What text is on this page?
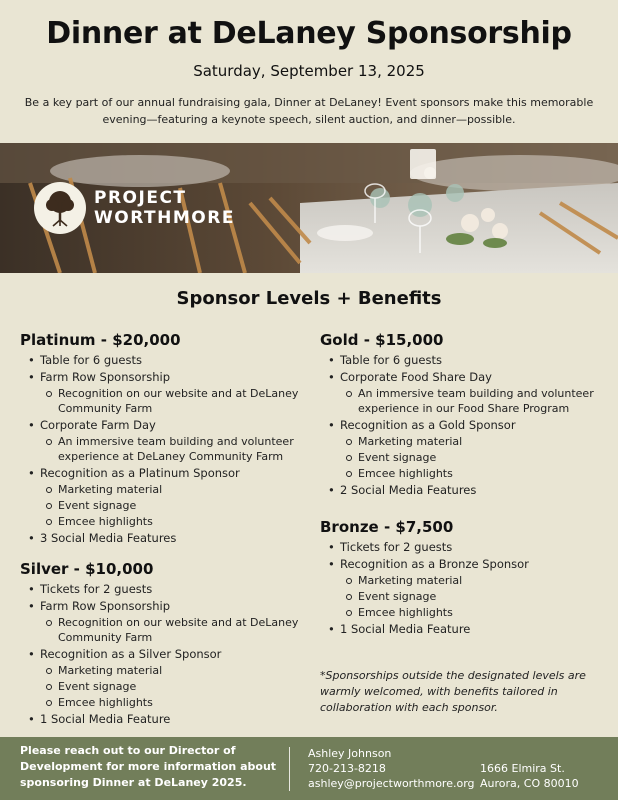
Dinner at DeLaney Sponsorship
Saturday, September 13, 2025
Be a key part of our annual fundraising gala, Dinner at DeLaney! Event sponsors make this memorable evening—featuring a keynote speech, silent auction, and dinner—possible.
PROJECT
WORTHMORE
Sponsor Levels + Benefits
Platinum - $20,000
• Table for 6 guests
• Farm Row Sponsorship
Recognition on our website and at DeLaney Community Farm
• Corporate Farm Day
An immersive team building and volunteer experience at DeLaney Community Farm
• Recognition as a Platinum Sponsor
Marketing material
Event signage
Emcee highlights
• 3 Social Media Features
Silver - $10,000
• Tickets for 2 guests
• Farm Row Sponsorship
Recognition on our website and at DeLaney Community Farm
• Recognition as a Silver Sponsor
Marketing material
Event signage
Emcee highlights
• 1 Social Media Feature
Gold - $15,000
• Table for 6 guests
• Corporate Food Share Day
An immersive team building and volunteer experience in our Food Share Program
• Recognition as a Gold Sponsor
Marketing material
Event signage
Emcee highlights
• 2 Social Media Features
Bronze - $7,500
• Tickets for 2 guests
• Recognition as a Bronze Sponsor
Marketing material
Event signage
Emcee highlights
• 1 Social Media Feature
*Sponsorships outside the designated levels are warmly welcomed, with benefits tailored in collaboration with each sponsor.
Please reach out to our Director of Development for more information about sponsoring Dinner at DeLaney 2025.
Ashley Johnson
720-213-8218
ashley@projectworthmore.org
1666 Elmira St.
Aurora, CO 80010
